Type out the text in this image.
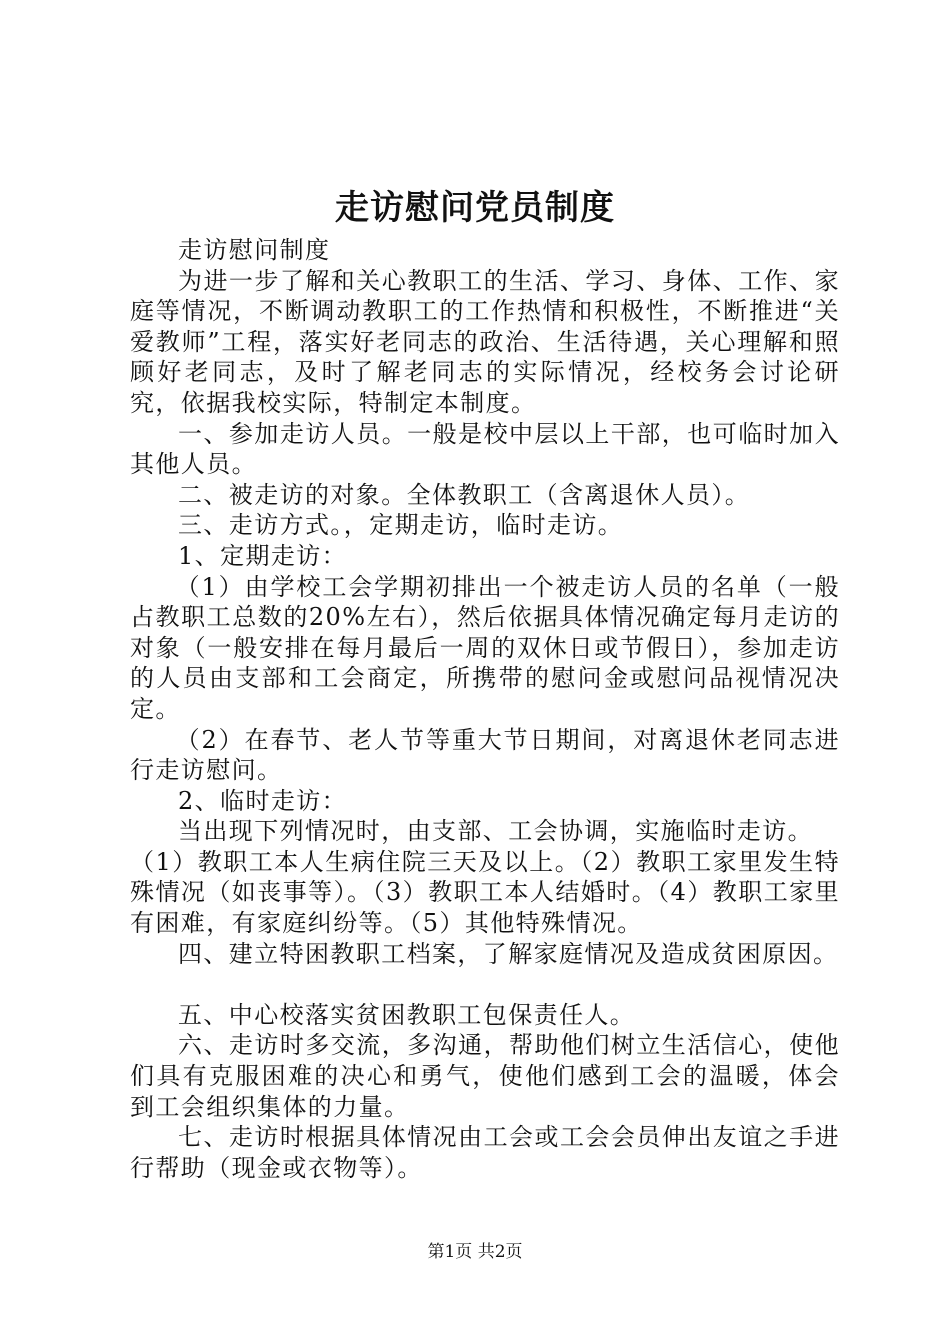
走访慰问党员制度

走访慰问制度

为进一步了解和关心教职工的生活、学习、身体、工作、家庭等情况，不断调动教职工的工作热情和积极性，不断推进“关爱教师”工程，落实好老同志的政治、生活待遇，关心理解和照顾好老同志，及时了解老同志的实际情况，经校务会讨论研究，依据我校实际，特制定本制度。

一、参加走访人员。一般是校中层以上干部，也可临时加入其他人员。

二、被走访的对象。全体教职工（含离退休人员）。

三、走访方式。，定期走访，临时走访。

1、定期走访：

（1）由学校工会学期初排出一个被走访人员的名单（一般占教职工总数的20%左右），然后依据具体情况确定每月走访的对象（一般安排在每月最后一周的双休日或节假日），参加走访的人员由支部和工会商定，所携带的慰问金或慰问品视情况决定。

（2）在春节、老人节等重大节日期间，对离退休老同志进行走访慰问。

2、临时走访：

当出现下列情况时，由支部、工会协调，实施临时走访。

（1）教职工本人生病住院三天及以上。（2）教职工家里发生特殊情况（如丧事等）。（3）教职工本人结婚时。（4）教职工家里有困难，有家庭纠纷等。（5）其他特殊情况。

四、建立特困教职工档案，了解家庭情况及造成贫困原因。

五、中心校落实贫困教职工包保责任人。

六、走访时多交流，多沟通，帮助他们树立生活信心，使他们具有克服困难的决心和勇气，使他们感到工会的温暖，体会到工会组织集体的力量。

七、走访时根据具体情况由工会或工会会员伸出友谊之手进行帮助（现金或衣物等）。

第1页 共2页
